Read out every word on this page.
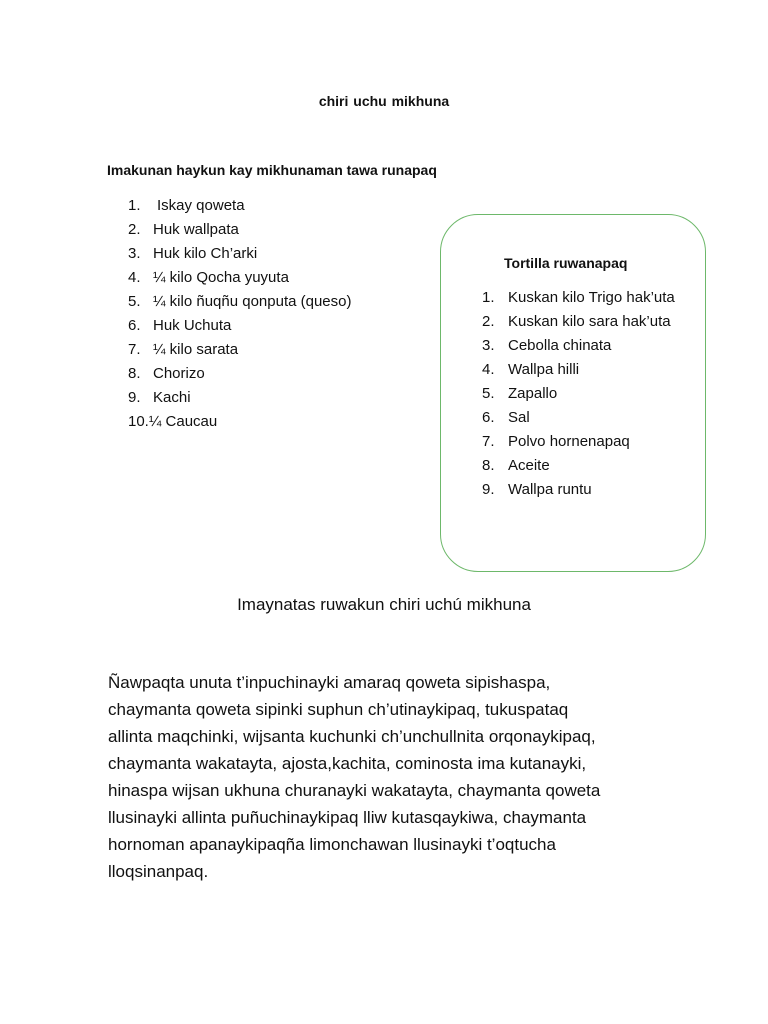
chiri uchu mikhuna
Imakunan haykun kay mikhunaman tawa runapaq
1. Iskay qoweta
2. Huk wallpata
3. Huk kilo Ch’arki
4. ¼ kilo Qocha yuyuta
5. ¼ kilo ñuqñu qonputa (queso)
6. Huk Uchuta
7. ¼ kilo sarata
8. Chorizo
9. Kachi
10.¼ Caucau
Tortilla ruwanapaq
1. Kuskan kilo Trigo hak’uta
2. Kuskan kilo sara hak’uta
3. Cebolla chinata
4. Wallpa hilli
5. Zapallo
6. Sal
7. Polvo hornenapaq
8. Aceite
9. Wallpa runtu
Imaynatas ruwakun chiri uchú mikhuna

Ñawpaqta unuta t’inpuchinayki amaraq qoweta sipishaspa,
chaymanta qoweta sipinki suphun ch’utinaykipaq, tukuspataq
allinta maqchinki, wijsanta kuchunki ch’unchullnita orqonaykipaq,
chaymanta wakatayta, ajosta,kachita, cominosta ima kutanayki,
hinaspa wijsan ukhuna churanayki wakatayta, chaymanta qoweta
llusinayki allinta puñuchinaykipaq lliw kutasqaykiwa, chaymanta
hornoman apanaykipaqña limonchawan llusinayki t’oqtucha
lloqsinanpaq.
